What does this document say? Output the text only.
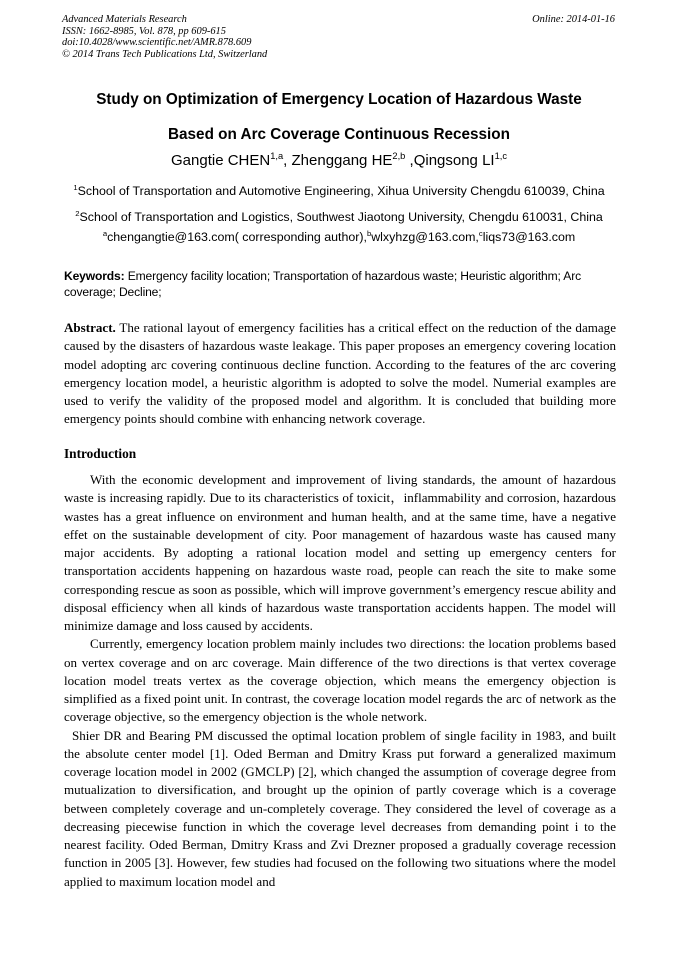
Advanced Materials Research
ISSN: 1662-8985, Vol. 878, pp 609-615
doi:10.4028/www.scientific.net/AMR.878.609
© 2014 Trans Tech Publications Ltd, Switzerland
Online: 2014-01-16
Study on Optimization of Emergency Location of Hazardous Waste
Based on Arc Coverage Continuous Recession
Gangtie CHEN$^{1,a}$, Zhenggang HE$^{2,b}$ ,Qingsong LI$^{1,c}$
$^1$School of Transportation and Automotive Engineering, Xihua University Chengdu 610039, China
$^2$School of Transportation and Logistics, Southwest Jiaotong University, Chengdu 610031, China
$^a$chengangtie@163.com( corresponding author),$^b$wlxyhzg@163.com,$^c$liqs73@163.com
Keywords: Emergency facility location; Transportation of hazardous waste; Heuristic algorithm; Arc coverage; Decline;
Abstract. The rational layout of emergency facilities has a critical effect on the reduction of the damage caused by the disasters of hazardous waste leakage. This paper proposes an emergency covering location model adopting arc covering continuous decline function. According to the features of the arc covering emergency location model, a heuristic algorithm is adopted to solve the model. Numerial examples are used to verify the validity of the proposed model and algorithm. It is concluded that building more emergency points should combine with enhancing network coverage.
Introduction

With the economic development and improvement of living standards, the amount of hazardous waste is increasing rapidly. Due to its characteristics of toxicit，inflammability and corrosion, hazardous wastes has a great influence on environment and human health, and at the same time, have a negative effet on the sustainable development of city. Poor management of hazardous waste has caused many major accidents. By adopting a rational location model and setting up emergency centers for transportation accidents happening on hazardous waste road, people can reach the site to make some corresponding rescue as soon as possible, which will improve government’s emergency rescue ability and disposal efficiency when all kinds of hazardous waste transportation accidents happen. The model will minimize damage and loss caused by accidents.

Currently, emergency location problem mainly includes two directions: the location problems based on vertex coverage and on arc coverage. Main difference of the two directions is that vertex coverage location model treats vertex as the coverage objection, which means the emergency objection is simplified as a fixed point unit. In contrast, the coverage location model regards the arc of network as the coverage objective, so the emergency objection is the whole network.

Shier DR and Bearing PM discussed the optimal location problem of single facility in 1983, and built the absolute center model [1]. Oded Berman and Dmitry Krass put forward a generalized maximum coverage location model in 2002 (GMCLP) [2], which changed the assumption of coverage degree from mutualization to diversification, and brought up the opinion of partly coverage which is a coverage between completely coverage and un-completely coverage. They considered the level of coverage as a decreasing piecewise function in which the coverage level decreases from demanding point i to the nearest facility. Oded Berman, Dmitry Krass and Zvi Drezner proposed a gradually coverage recession function in 2005 [3]. However, few studies had focused on the following two situations where the model applied to maximum location model and
